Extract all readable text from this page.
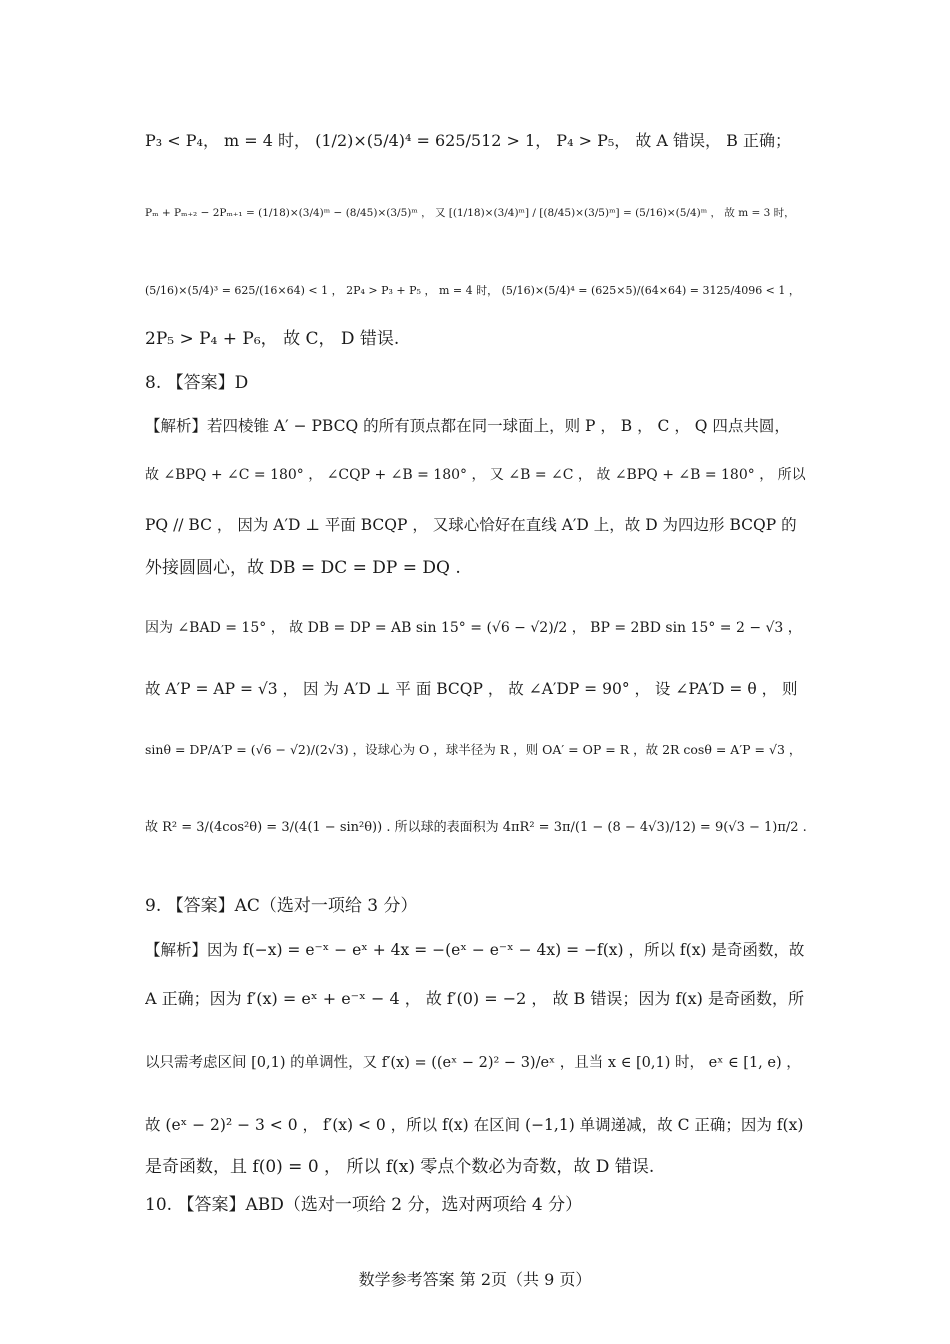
P₃ < P₄， m = 4 时， (1/2)×(5/4)⁴ = 625/512 > 1， P₄ > P₅， 故 A 错误， B 正确；
Pₘ + Pₘ₊₂ − 2Pₘ₊₁ = (1/18)×(3/4)ᵐ − (8/45)×(3/5)ᵐ ， 又 [(1/18)×(3/4)ᵐ] / [(8/45)×(3/5)ᵐ] = (5/16)×(5/4)ᵐ ， 故 m = 3 时，
(5/16)×(5/4)³ = 625/(16×64) < 1 ， 2P₄ > P₃ + P₅ ， m = 4 时， (5/16)×(5/4)⁴ = (625×5)/(64×64) = 3125/4096 < 1 ，
2P₅ > P₄ + P₆， 故 C， D 错误.
8. 【答案】D
【解析】若四棱锥 A′ − PBCQ 的所有顶点都在同一球面上，则 P ， B ， C ， Q 四点共圆，
故 ∠BPQ + ∠C = 180° ， ∠CQP + ∠B = 180° ， 又 ∠B = ∠C ， 故 ∠BPQ + ∠B = 180° ， 所以
PQ // BC ， 因为 A′D ⊥ 平面 BCQP ， 又球心恰好在直线 A′D 上，故 D 为四边形 BCQP 的
外接圆圆心，故 DB = DC = DP = DQ .
因为 ∠BAD = 15° ， 故 DB = DP = AB sin 15° = (√6 − √2)/2 ， BP = 2BD sin 15° = 2 − √3 ，
故 A′P = AP = √3 ， 因 为 A′D ⊥ 平 面 BCQP ， 故 ∠A′DP = 90° ， 设 ∠PA′D = θ ， 则
sinθ = DP/A′P = (√6 − √2)/(2√3) ，设球心为 O ，球半径为 R ，则 OA′ = OP = R ，故 2R cosθ = A′P = √3 ，
故 R² = 3/(4cos²θ) = 3/(4(1 − sin²θ)) . 所以球的表面积为 4πR² = 3π/(1 − (8 − 4√3)/12) = 9(√3 − 1)π/2 .
9. 【答案】AC（选对一项给 3 分）
【解析】因为 f(−x) = e⁻ˣ − eˣ + 4x = −(eˣ − e⁻ˣ − 4x) = −f(x) ，所以 f(x) 是奇函数，故
A 正确；因为 f′(x) = eˣ + e⁻ˣ − 4 ， 故 f′(0) = −2 ， 故 B 错误；因为 f(x) 是奇函数，所
以只需考虑区间 [0,1) 的单调性，又 f′(x) = ((eˣ − 2)² − 3)/eˣ ，且当 x ∈ [0,1) 时， eˣ ∈ [1, e) ，
故 (eˣ − 2)² − 3 < 0 ， f′(x) < 0 ，所以 f(x) 在区间 (−1,1) 单调递减，故 C 正确；因为 f(x)
是奇函数，且 f(0) = 0 ， 所以 f(x) 零点个数必为奇数，故 D 错误.
10. 【答案】ABD（选对一项给 2 分，选对两项给 4 分）
数学参考答案 第 2页（共 9 页）
